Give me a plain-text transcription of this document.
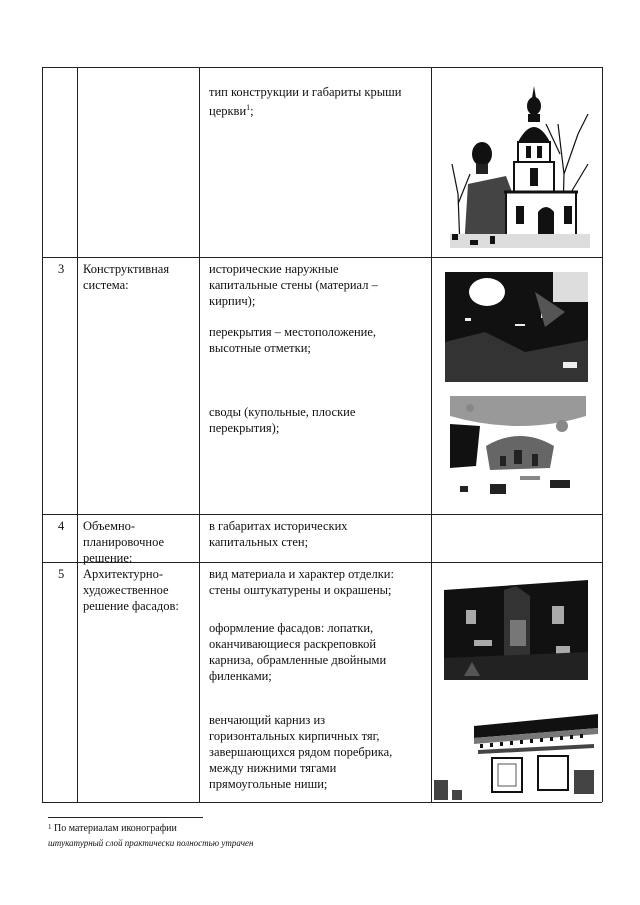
тип конструкции и габариты крыши церкви$^1$;
3 Конструктивная
система:
исторические наружные
капитальные стены (материал –
кирпич);
перекрытия – местоположение,
высотные отметки;
своды (купольные, плоские
перекрытия);
4 Объемно-
планировочное
решение:
в габаритах исторических
капитальных стен;
5 Архитектурно-
художественное
решение фасадов:
вид материала и характер отделки:
стены оштукатурены и окрашены;
оформление фасадов: лопатки,
оканчивающиеся раскреповкой
карниза, обрамленные двойными
филенками;
венчающий карниз из
горизонтальных кирпичных тяг,
завершающихся рядом поребрика,
между нижними тягами
прямоугольные ниши;
$^1$ По материалам иконографии
штукатурный слой практически полностью утрачен
